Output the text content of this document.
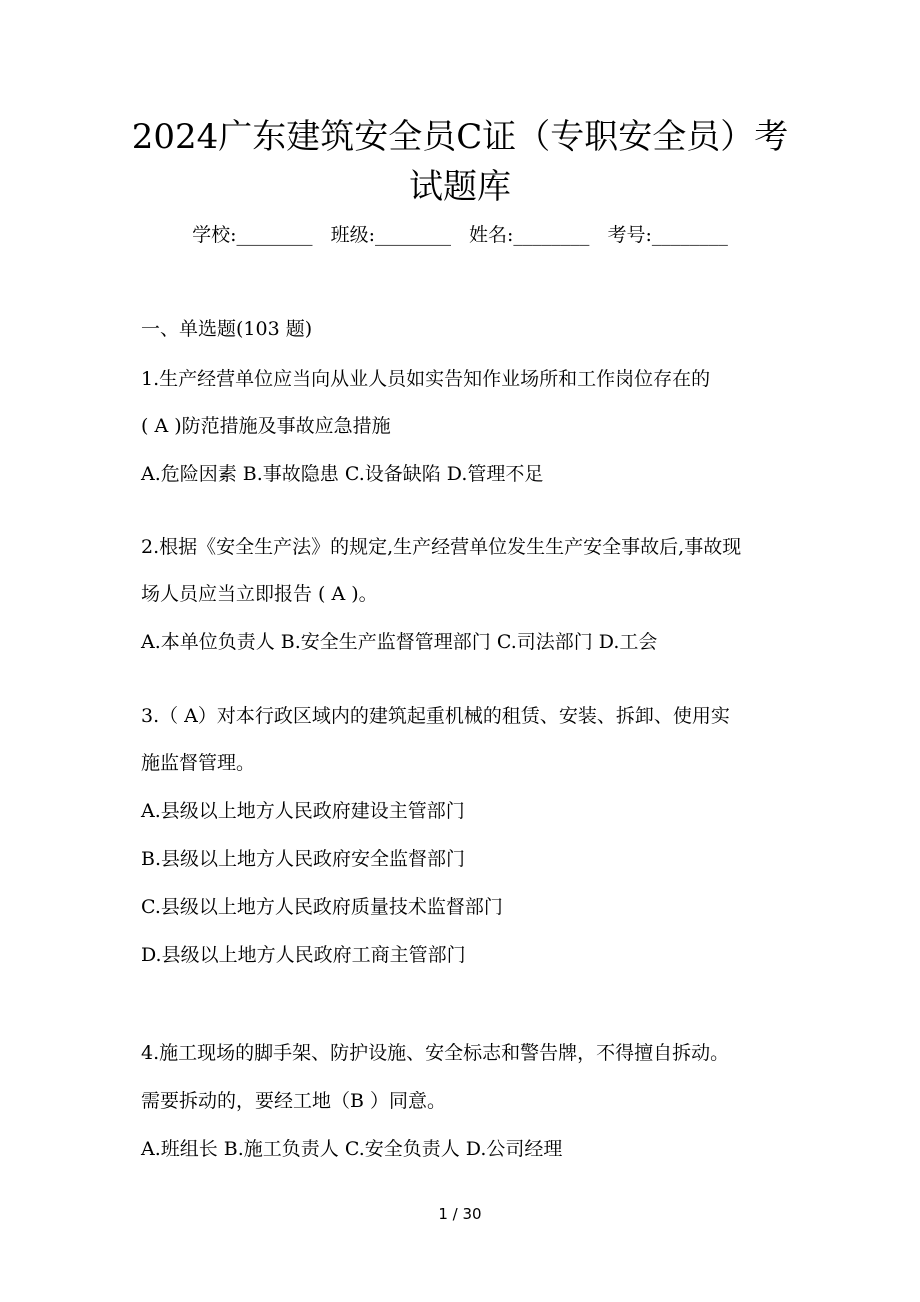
2024广东建筑安全员C证（专职安全员）考
试题库
学校:________ 班级:________ 姓名:________ 考号:________
一、单选题(103 题)
1.生产经营单位应当向从业人员如实告知作业场所和工作岗位存在的
( A )防范措施及事故应急措施
A.危险因素 B.事故隐患 C.设备缺陷 D.管理不足
2.根据《安全生产法》的规定,生产经营单位发生生产安全事故后,事故现
场人员应当立即报告 ( A )。
A.本单位负责人 B.安全生产监督管理部门 C.司法部门 D.工会
3.（ A）对本行政区域内的建筑起重机械的租赁、安装、拆卸、使用实
施监督管理。
A.县级以上地方人民政府建设主管部门
B.县级以上地方人民政府安全监督部门
C.县级以上地方人民政府质量技术监督部门
D.县级以上地方人民政府工商主管部门
4.施工现场的脚手架、防护设施、安全标志和警告牌，不得擅自拆动。
需要拆动的，要经工地（B ）同意。
A.班组长 B.施工负责人 C.安全负责人 D.公司经理
1 / 30
